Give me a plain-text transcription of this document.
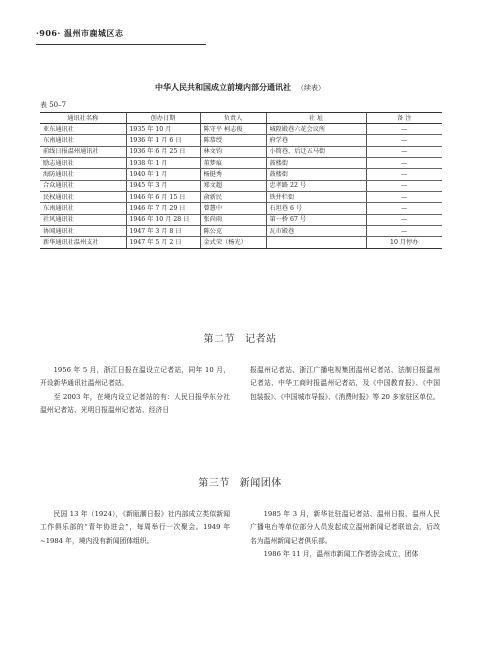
·906· 温州市鹿城区志
中华人民共和国成立前境内部分通讯社 （续表）
表 50–7
通讯社名称	创办日期	负责人	社 址	备 注
亚东通讯社	1935 年 10 月	陈守平 柯志俊	城隍殿巷六花会议所	—
东南通讯社	1936 年 1 月 6 日	陈恭绶	府学巷	—
前线日报温州通讯社	1936 年 6 月 25 日	林文钧	小简巷、后迁五马街	—
励志通讯社	1938 年 1 月	董梦痕	鼓楼街	—
海防通讯社	1940 年 1 月	杨挺秀	鼓楼街	—
合众通讯社	1945 年 3 月	郑文超	忠孝路 22 号	—
民权通讯社	1946 年 6 月 15 日	俞新民	铁井栏街	—
东南通讯社	1946 年 7 月 29 日	曾慧中	石坦巷 6 号	—
社风通讯社	1946 年 10 月 28 日	张尚雨	第一桥 67 号	—
协闻通讯社	1947 年 3 月 8 日	陈公克	瓦市殿巷	—
新华通讯社温州支社	1947 年 5 月 2 日	金式荣（杨光）		10 月停办
第二节 记者站

1956 年 5 月，浙江日报在温设立记者站，同年 10 月，开设新华通讯社温州记者站。

至 2003 年，在境内设立记者站的有：人民日报华东分社温州记者站、光明日报温州记者站、经济日

报温州记者站、浙江广播电视集团温州记者站、法制日报温州记者站、中华工商时报温州记者站，及《中国教育报》、《中国包装报》、《中国城市导报》、《消费时报》等 20 多家驻区单位。

第三节 新闻团体

民国 13 年（1924），《新瓯潮日报》社内部成立类似新闻工作俱乐部的“青年协进会”，每周举行一次聚会。1949 年 ~1984 年，境内没有新闻团体组织。

1985 年 3 月，新华社驻温记者站、温州日报、温州人民广播电台等单位部分人员发起成立温州新闻记者联谊会，后改名为温州新闻记者俱乐部。

1986 年 11 月，温州市新闻工作者协会成立，团体
